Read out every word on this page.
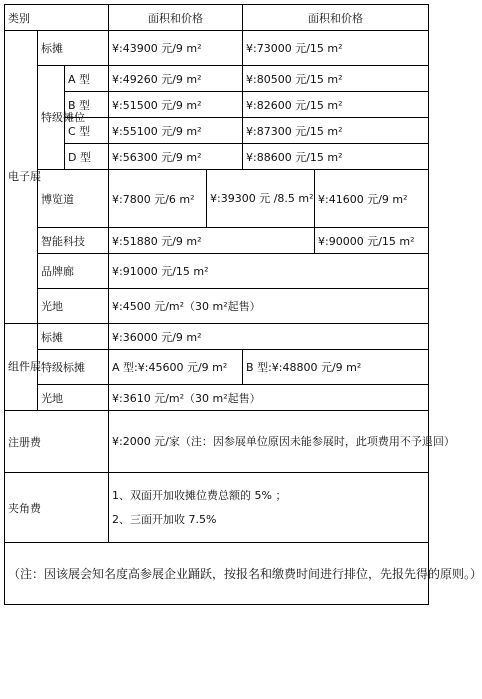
类别			面积和价格		面积和价格	
电子展	标摊		¥:43900 元/9 m²		¥:73000 元/15 m²	
	特级摊位	A 型	¥:49260 元/9 m²		¥:80500 元/15 m²	
		B 型	¥:51500 元/9 m²		¥:82600 元/15 m²	
		C 型	¥:55100 元/9 m²		¥:87300 元/15 m²	
		D 型	¥:56300 元/9 m²		¥:88600 元/15 m²	
	博览道		¥:7800 元/6 m²	¥:39300 元 /8.5 m²		¥:41600 元/9 m²
	智能科技		¥:51880 元/9 m²			¥:90000 元/15 m²
	品牌廊		¥:91000 元/15 m²			
	光地		¥:4500 元/m²（30 m²起售）			
组件展	标摊		¥:36000 元/9 m²			
	特级标摊		A 型:¥:45600 元/9 m²		B 型:¥:48800 元/9 m²	
	光地		¥:3610 元/m²（30 m²起售）			
注册费			¥:2000 元/家（注：因参展单位原因未能参展时，此项费用不予退回）			
夹角费			1、双面开加收摊位费总额的 5% ；
2、三面开加收 7.5%			

（注：因该展会知名度高参展企业踊跃，按报名和缴费时间进行排位，先报先得的原则。）						
